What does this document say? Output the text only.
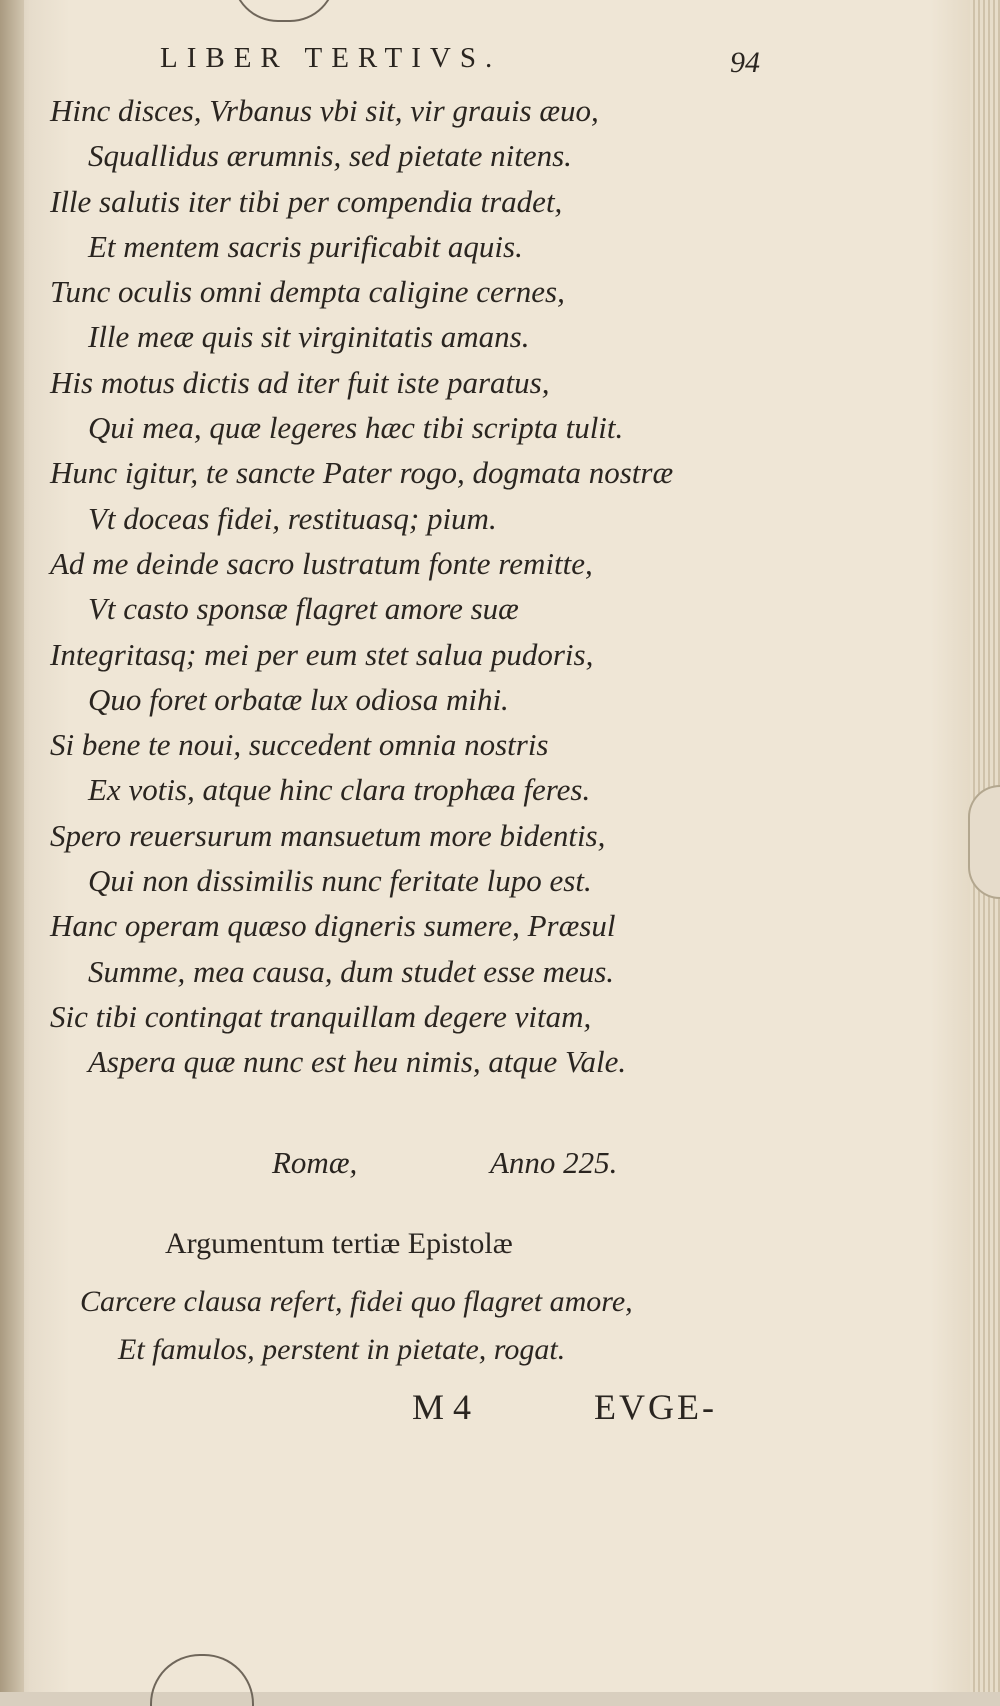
LIBER TERTIVS.	94
Hinc disces, Vrbanus vbi sit, vir grauis æuo,
Squallidus ærumnis, sed pietate nitens.
Ille salutis iter tibi per compendia tradet,
Et mentem sacris purificabit aquis.
Tunc oculis omni dempta caligine cernes,
Ille meæ quis sit virginitatis amans.
His motus dictis ad iter fuit iste paratus,
Qui mea, quæ legeres hæc tibi scripta tulit.
Hunc igitur, te sancte Pater rogo, dogmata nostræ
Vt doceas fidei, restituasq; pium.
Ad me deinde sacro lustratum fonte remitte,
Vt casto sponsæ flagret amore suæ
Integritasq; mei per eum stet salua pudoris,
Quo foret orbatæ lux odiosa mihi.
Si bene te noui, succedent omnia nostris
Ex votis, atque hinc clara trophæa feres.
Spero reuersurum mansuetum more bidentis,
Qui non dissimilis nunc feritate lupo est.
Hanc operam quæso digneris sumere, Præsul
Summe, mea causa, dum studet esse meus.
Sic tibi contingat tranquillam degere vitam,
Aspera quæ nunc est heu nimis, atque Vale.
Romæ,	Anno 225.
Argumentum tertiæ Epistolæ
Carcere clausa refert, fidei quo flagret amore,
Et famulos, perstent in pietate, rogat.
M 4	EVGE-
